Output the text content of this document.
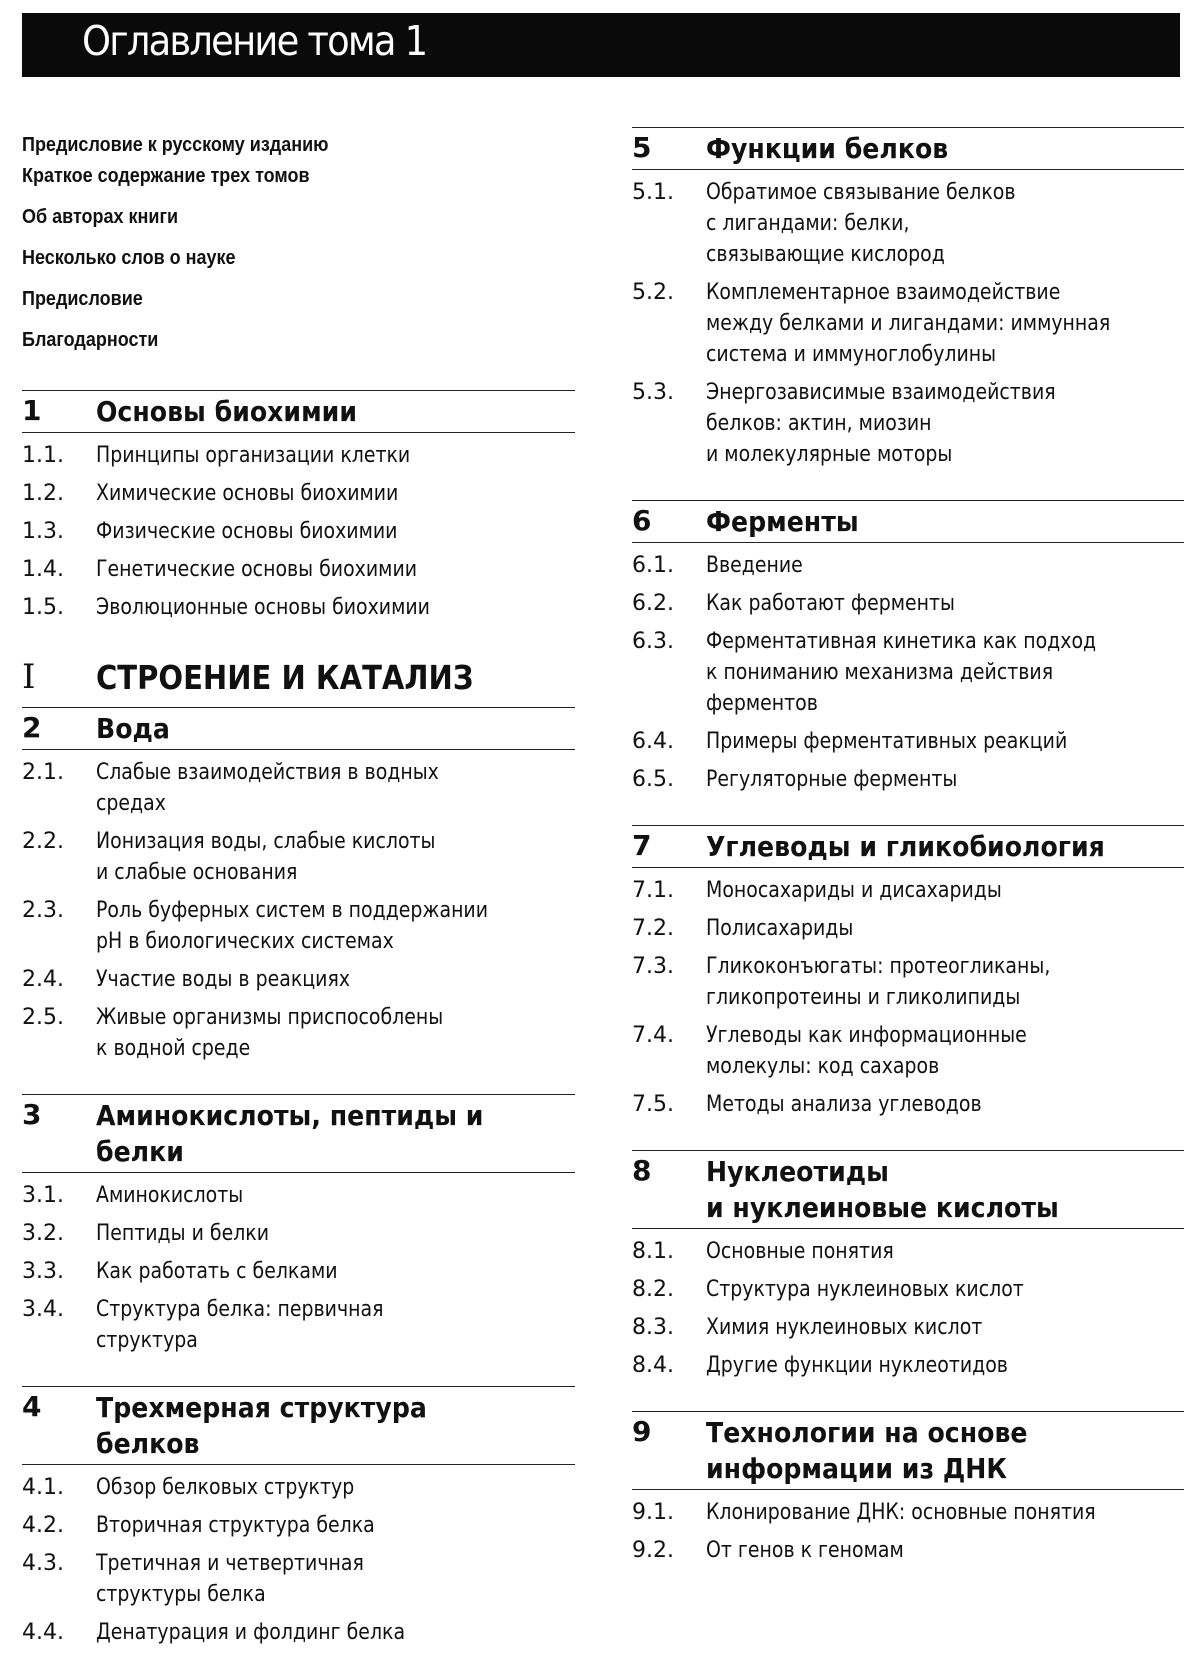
Оглавление тома 1
Предисловие к русскому изданию
Краткое содержание трех томов
Об авторах книги
Несколько слов о науке
Предисловие
Благодарности
1	Основы биохимии
1.1.	Принципы организации клетки
1.2.	Химические основы биохимии
1.3.	Физические основы биохимии
1.4.	Генетические основы биохимии
1.5.	Эволюционные основы биохимии
I	СТРОЕНИЕ И КАТАЛИЗ
2	Вода
2.1.	Слабые взаимодействия в водных средах
2.2.	Ионизация воды, слабые кислоты
и слабые основания
2.3.	Роль буферных систем в поддержании
pH в биологических системах
2.4.	Участие воды в реакциях
2.5.	Живые организмы приспособлены
к водной среде
3	Аминокислоты, пептиды и белки
3.1.	Аминокислоты
3.2.	Пептиды и белки
3.3.	Как работать с белками
3.4.	Структура белка: первичная
структура
4	Трехмерная структура белков
4.1.	Обзор белковых структур
4.2.	Вторичная структура белка
4.3.	Третичная и четвертичная
структуры белка
4.4.	Денатурация и фолдинг белка
5	Функции белков
5.1.	Обратимое связывание белков
с лигандами: белки,
связывающие кислород
5.2.	Комплементарное взаимодействие
между белками и лигандами: иммунная
система и иммуноглобулины
5.3.	Энергозависимые взаимодействия
белков: актин, миозин
и молекулярные моторы
6	Ферменты
6.1.	Введение
6.2.	Как работают ферменты
6.3.	Ферментативная кинетика как подход
к пониманию механизма действия
ферментов
6.4.	Примеры ферментативных реакций
6.5.	Регуляторные ферменты
7	Углеводы и гликобиология
7.1.	Моносахариды и дисахариды
7.2.	Полисахариды
7.3.	Гликоконъюгаты: протеогликаны,
гликопротеины и гликолипиды
7.4.	Углеводы как информационные
молекулы: код сахаров
7.5.	Методы анализа углеводов
8	Нуклеотиды
и нуклеиновые кислоты
8.1.	Основные понятия
8.2.	Структура нуклеиновых кислот
8.3.	Химия нуклеиновых кислот
8.4.	Другие функции нуклеотидов
9	Технологии на основе
информации из ДНК
9.1.	Клонирование ДНК: основные понятия
9.2.	От генов к геномам
